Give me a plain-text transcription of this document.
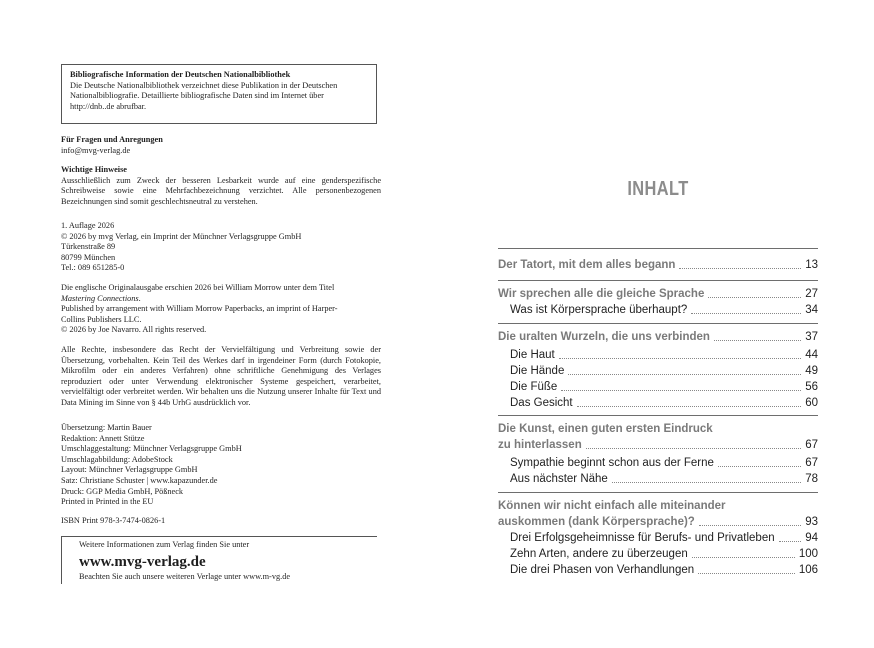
Bibliografische Information der Deutschen Nationalbibliothek

Die Deutsche Nationalbibliothek verzeichnet diese Publikation in der Deutschen

Nationalbibliografie. Detaillierte bibliografische Daten sind im Internet über

http://dnb..de abrufbar.

Für Fragen und Anregungen

info@mvg-verlag.de

Wichtige Hinweise

Ausschließlich zum Zweck der besseren Lesbarkeit wurde auf eine genderspezifische Schreibweise sowie eine Mehrfachbezeichnung verzichtet. Alle personenbezogenen Bezeichnungen sind somit geschlechtsneutral zu verstehen.

1. Auflage 2026

© 2026 by mvg Verlag, ein Imprint der Münchner Verlagsgruppe GmbH

Türkenstraße 89

80799 München

Tel.: 089 651285-0

Die englische Originalausgabe erschien 2026 bei William Morrow unter dem Titel

Mastering Connections.

Published by arrangement with William Morrow Paperbacks, an imprint of Harper-

Collins Publishers LLC.

© 2026 by Joe Navarro. All rights reserved.

Alle Rechte, insbesondere das Recht der Vervielfältigung und Verbreitung sowie der Übersetzung, vorbehalten. Kein Teil des Werkes darf in irgendeiner Form (durch Fotokopie, Mikrofilm oder ein anderes Verfahren) ohne schriftliche Genehmigung des Verlages reproduziert oder unter Verwendung elektronischer Systeme gespeichert, verarbeitet, vervielfältigt oder verbreitet werden. Wir behalten uns die Nutzung unserer Inhalte für Text und Data Mining im Sinne von § 44b UrhG ausdrücklich vor.

Übersetzung: Martin Bauer

Redaktion: Annett Stütze

Umschlaggestaltung: Münchner Verlagsgruppe GmbH

Umschlagabbildung: AdobeStock

Layout: Münchner Verlagsgruppe GmbH

Satz: Christiane Schuster | www.kapazunder.de

Druck: GGP Media GmbH, Pößneck

Printed in Printed in the EU

ISBN Print 978-3-7474-0826-1

Weitere Informationen zum Verlag finden Sie unter

www.mvg-verlag.de

Beachten Sie auch unsere weiteren Verlage unter www.m-vg.de

INHALT
Der Tatort, mit dem alles begann	13
Wir sprechen alle die gleiche Sprache	27
Was ist Körpersprache überhaupt?	34
Die uralten Wurzeln, die uns verbinden	37
Die Haut	44
Die Hände	49
Die Füße	56
Das Gesicht	60
Die Kunst, einen guten ersten Eindruck
zu hinterlassen	67
Sympathie beginnt schon aus der Ferne	67
Aus nächster Nähe	78
Können wir nicht einfach alle miteinander
auskommen (dank Körpersprache)?	93
Drei Erfolgsgeheimnisse für Berufs- und Privatleben	94
Zehn Arten, andere zu überzeugen	100
Die drei Phasen von Verhandlungen	106
